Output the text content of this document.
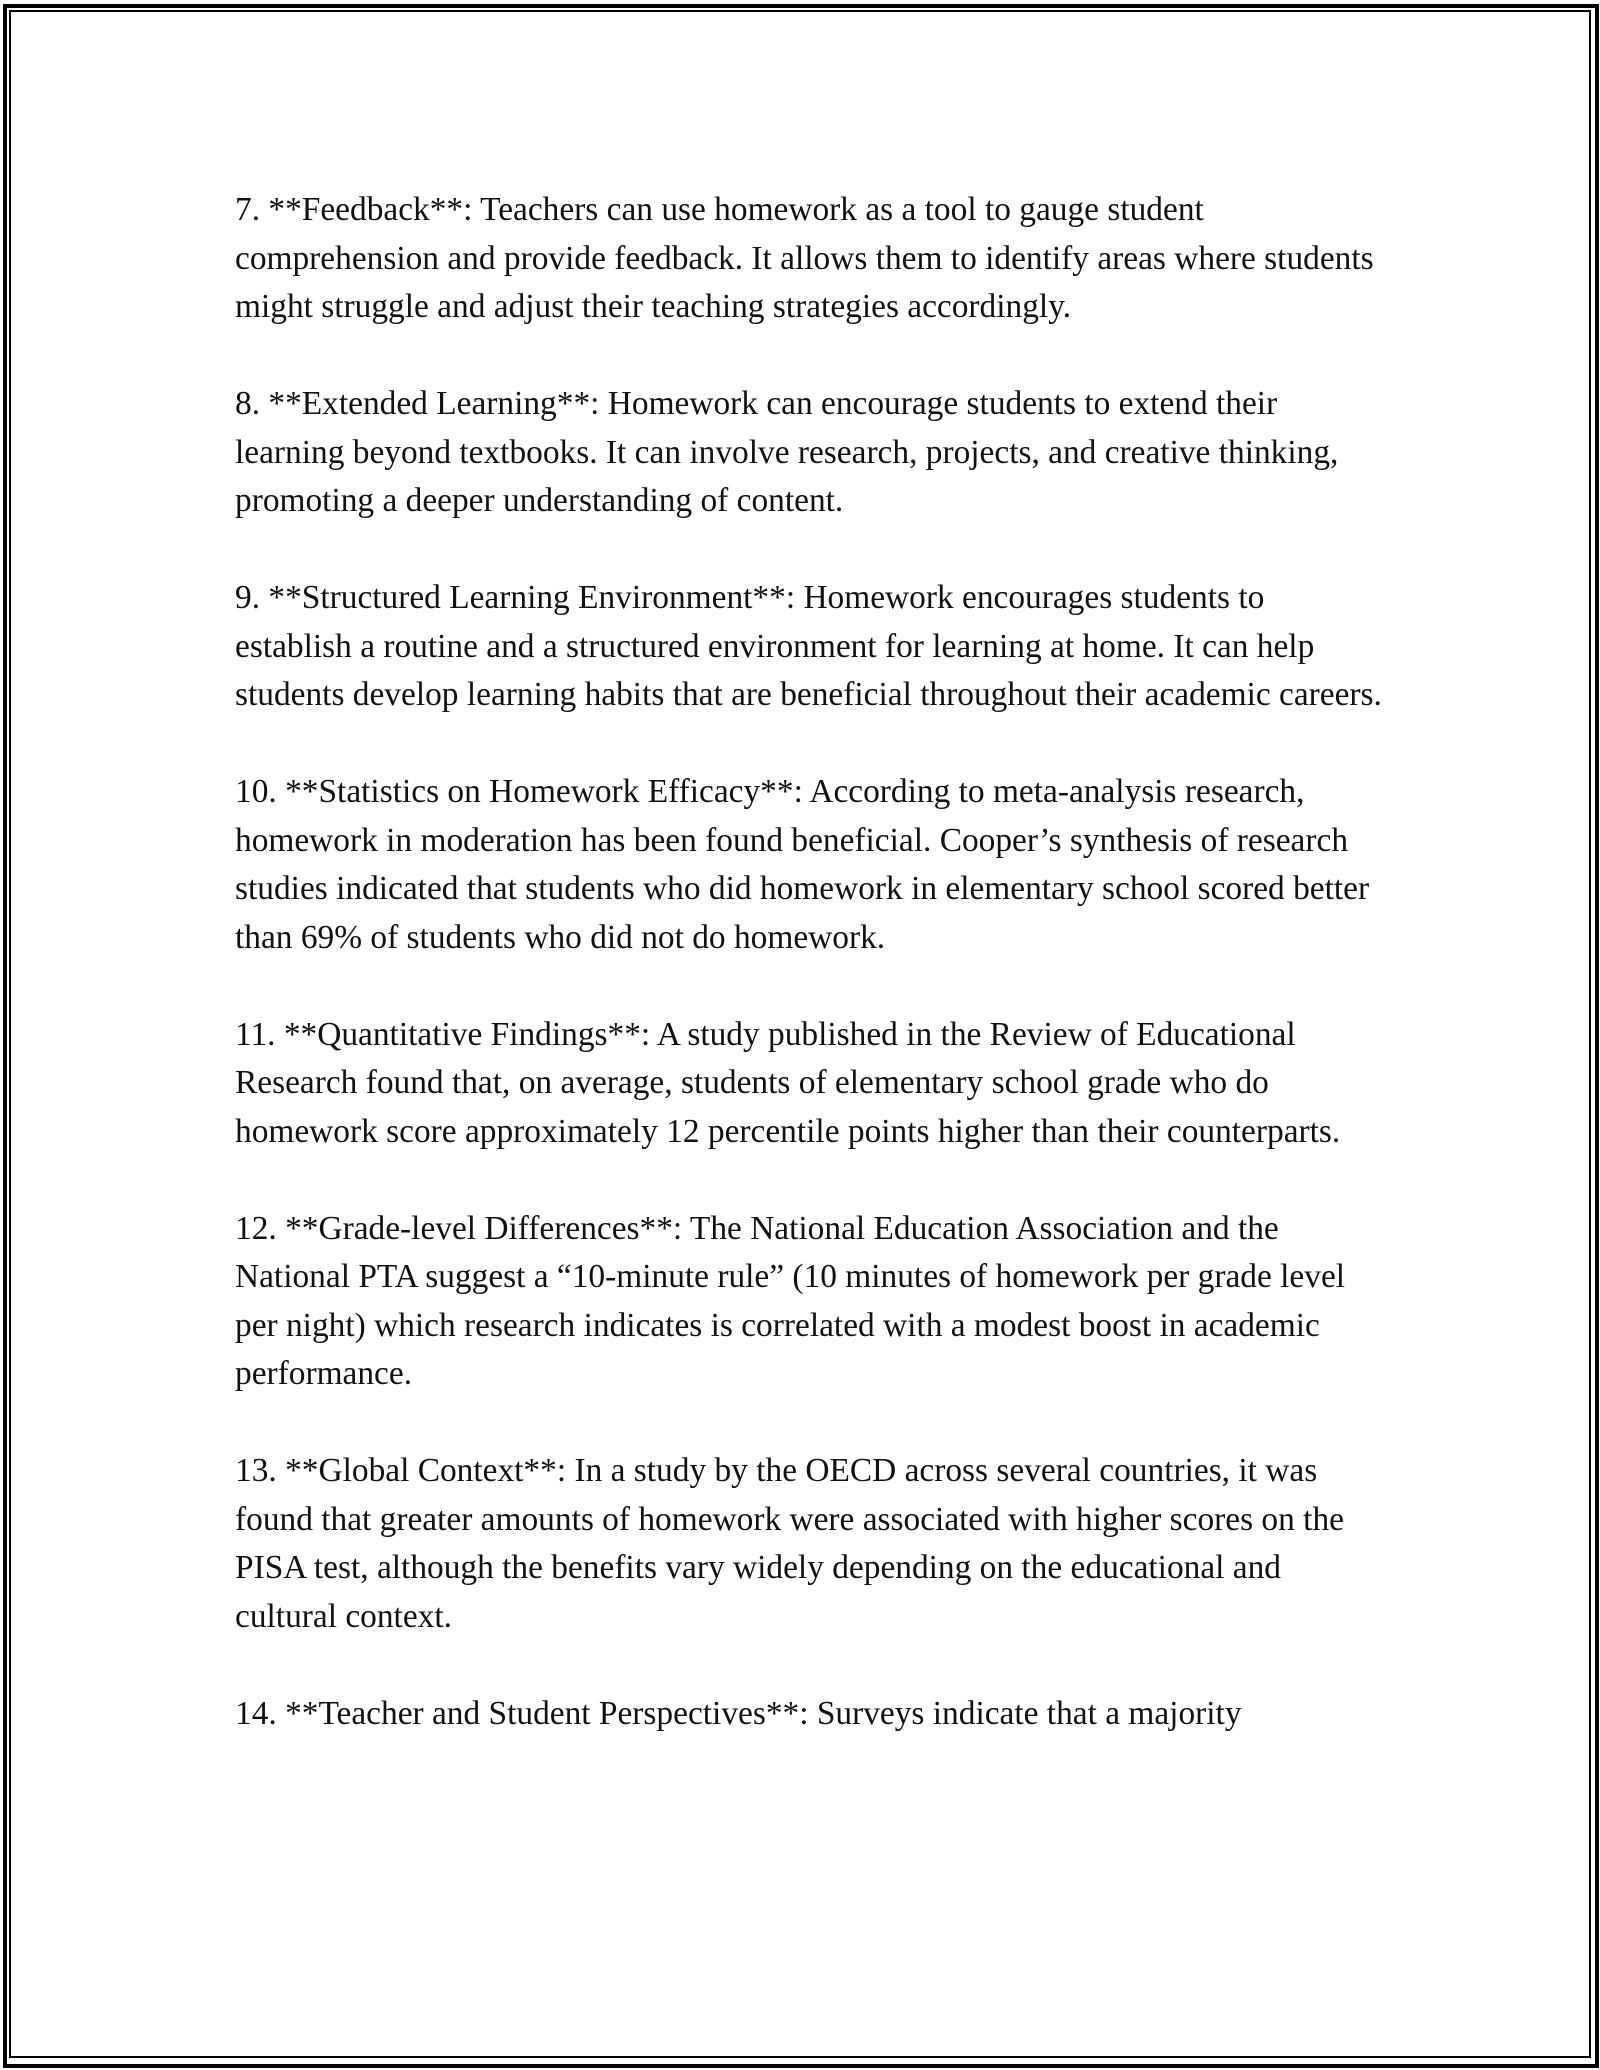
7. **Feedback**: Teachers can use homework as a tool to gauge student comprehension and provide feedback. It allows them to identify areas where students might struggle and adjust their teaching strategies accordingly.

8. **Extended Learning**: Homework can encourage students to extend their learning beyond textbooks. It can involve research, projects, and creative thinking, promoting a deeper understanding of content.

9. **Structured Learning Environment**: Homework encourages students to establish a routine and a structured environment for learning at home. It can help students develop learning habits that are beneficial throughout their academic careers.

10. **Statistics on Homework Efficacy**: According to meta-analysis research, homework in moderation has been found beneficial. Cooper’s synthesis of research studies indicated that students who did homework in elementary school scored better than 69% of students who did not do homework.

11. **Quantitative Findings**: A study published in the Review of Educational Research found that, on average, students of elementary school grade who do homework score approximately 12 percentile points higher than their counterparts.

12. **Grade-level Differences**: The National Education Association and the National PTA suggest a “10-minute rule” (10 minutes of homework per grade level per night) which research indicates is correlated with a modest boost in academic performance.

13. **Global Context**: In a study by the OECD across several countries, it was found that greater amounts of homework were associated with higher scores on the PISA test, although the benefits vary widely depending on the educational and cultural context.

14. **Teacher and Student Perspectives**: Surveys indicate that a majority
